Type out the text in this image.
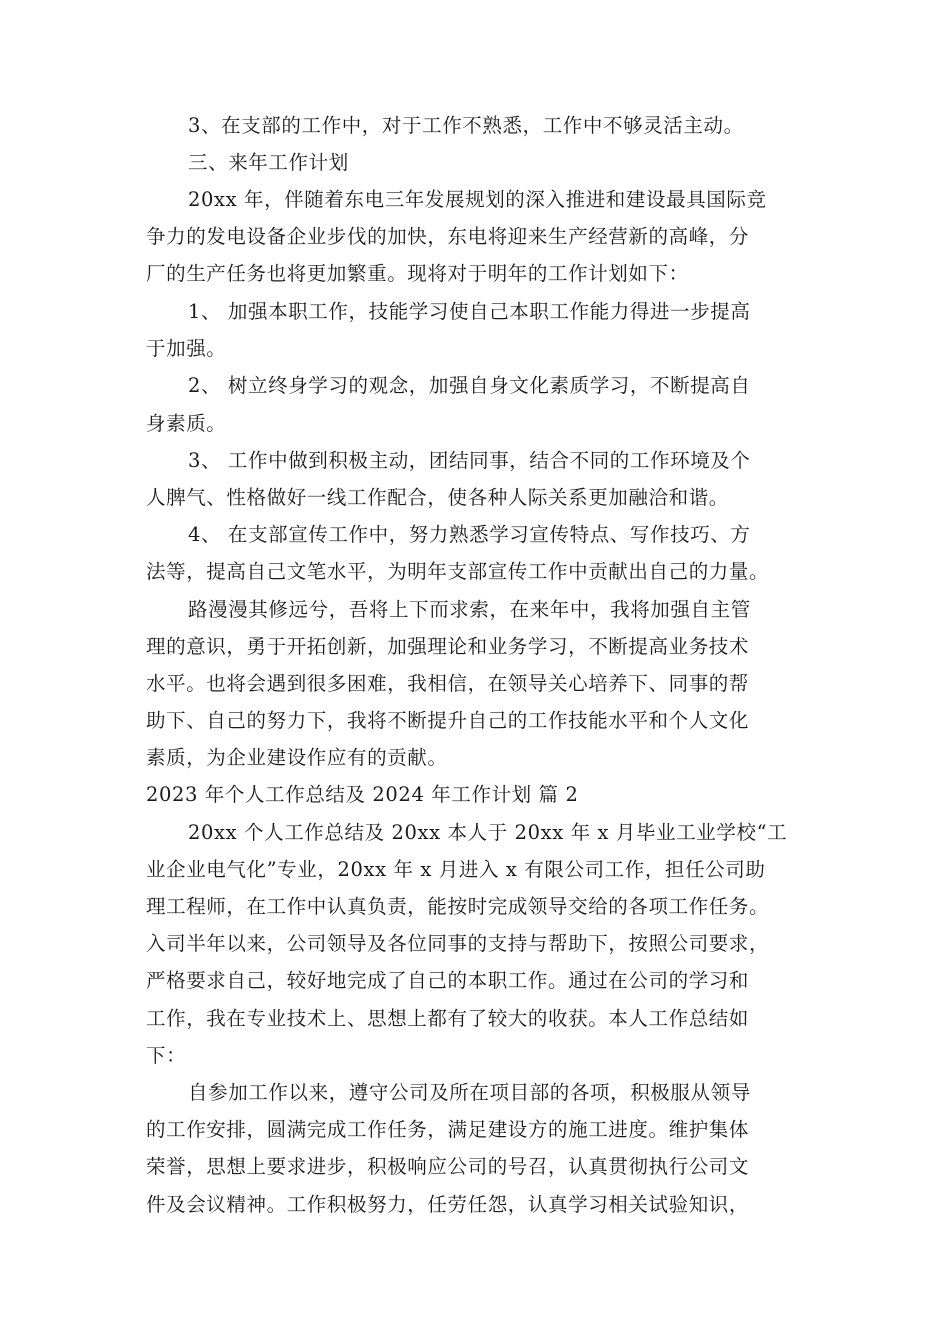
3、在支部的工作中，对于工作不熟悉，工作中不够灵活主动。
三、来年工作计划
20xx 年，伴随着东电三年发展规划的深入推进和建设最具国际竞
争力的发电设备企业步伐的加快，东电将迎来生产经营新的高峰，分
厂的生产任务也将更加繁重。现将对于明年的工作计划如下：
1、 加强本职工作，技能学习使自己本职工作能力得进一步提高
于加强。
2、 树立终身学习的观念，加强自身文化素质学习，不断提高自
身素质。
3、 工作中做到积极主动，团结同事，结合不同的工作环境及个
人脾气、性格做好一线工作配合，使各种人际关系更加融洽和谐。
4、 在支部宣传工作中，努力熟悉学习宣传特点、写作技巧、方
法等，提高自己文笔水平，为明年支部宣传工作中贡献出自己的力量。
路漫漫其修远兮，吾将上下而求索，在来年中，我将加强自主管
理的意识，勇于开拓创新，加强理论和业务学习，不断提高业务技术
水平。也将会遇到很多困难，我相信，在领导关心培养下、同事的帮
助下、自己的努力下，我将不断提升自己的工作技能水平和个人文化
素质，为企业建设作应有的贡献。
2023 年个人工作总结及 2024 年工作计划 篇 2
20xx 个人工作总结及 20xx 本人于 20xx 年 x 月毕业工业学校“工
业企业电气化”专业，20xx 年 x 月进入 x 有限公司工作，担任公司助
理工程师，在工作中认真负责，能按时完成领导交给的各项工作任务。
入司半年以来，公司领导及各位同事的支持与帮助下，按照公司要求，
严格要求自己，较好地完成了自己的本职工作。通过在公司的学习和
工作，我在专业技术上、思想上都有了较大的收获。本人工作总结如
下：
自参加工作以来，遵守公司及所在项目部的各项，积极服从领导
的工作安排，圆满完成工作任务，满足建设方的施工进度。维护集体
荣誉，思想上要求进步，积极响应公司的号召，认真贯彻执行公司文
件及会议精神。工作积极努力，任劳任怨，认真学习相关试验知识，
